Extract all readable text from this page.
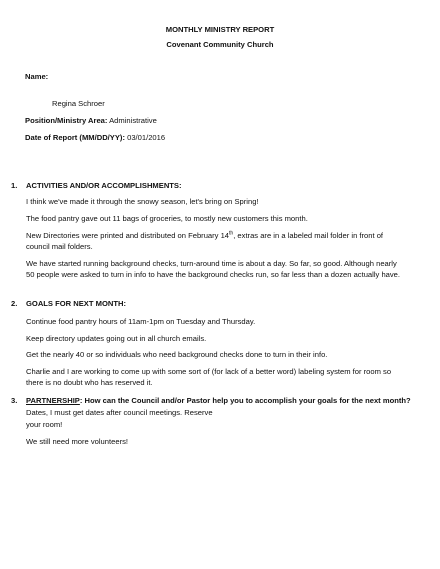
MONTHLY MINISTRY REPORT
Covenant Community Church
Name:
Regina Schroer
Position/Ministry Area: Administrative
Date of Report (MM/DD/YY): 03/01/2016
1. ACTIVITIES AND/OR ACCOMPLISHMENTS:
I think we've made it through the snowy season, let's bring on Spring!
The food pantry gave out 11 bags of groceries, to mostly new customers this month.
New Directories were printed and distributed on February 14th, extras are in a labeled mail folder in front of
council mail folders.
We have started running background checks, turn-around time is about a day. So far, so good. Although nearly
50 people were asked to turn in info to have the background checks run, so far less than a dozen actually have.
2. GOALS FOR NEXT MONTH:
Continue food pantry hours of 11am-1pm on Tuesday and Thursday.
Keep directory updates going out in all church emails.
Get the nearly 40 or so individuals who need background checks done to turn in their info.
Charlie and I are working to come up with some sort of (for lack of a better word) labeling system for room so
there is no doubt who has reserved it.
3. PARTNERSHIP: How can the Council and/or Pastor help you to accomplish your goals for the next month?
Dates, I must get dates after council meetings. Reserve
your room!
We still need more volunteers!
